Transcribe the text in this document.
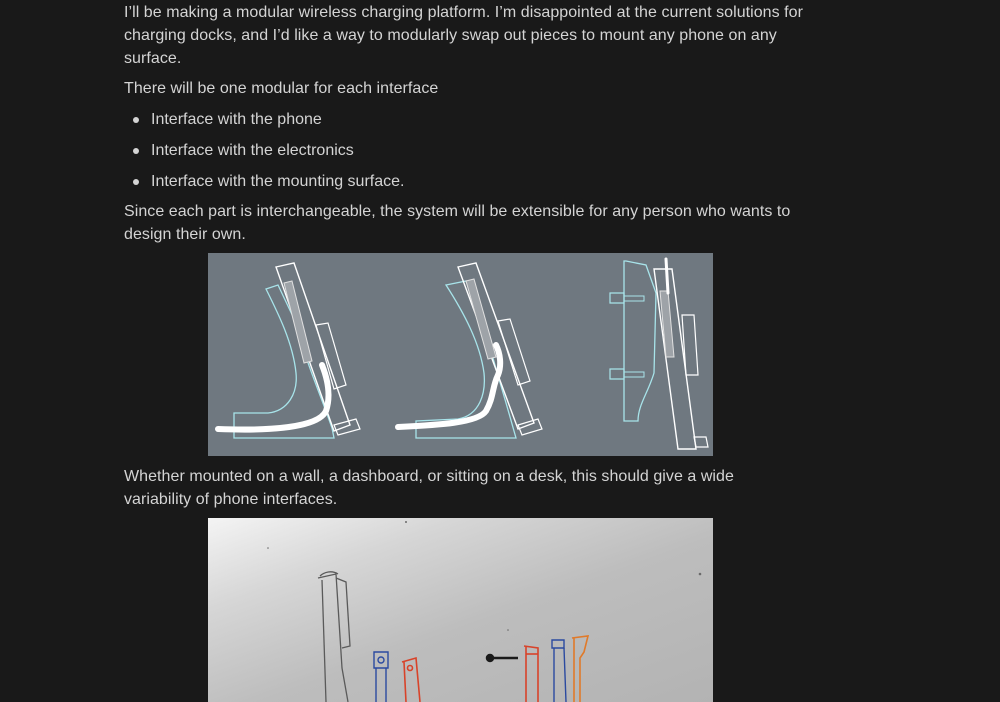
I’ll be making a modular wireless charging platform. I’m disappointed at the current solutions for charging docks, and I’d like a way to modularly swap out pieces to mount any phone on any surface.

There will be one modular for each interface

Interface with the phone
Interface with the electronics
Interface with the mounting surface.

Since each part is interchangeable, the system will be extensible for any person who wants to design their own.

Whether mounted on a wall, a dashboard, or sitting on a desk, this should give a wide variability of phone interfaces.
